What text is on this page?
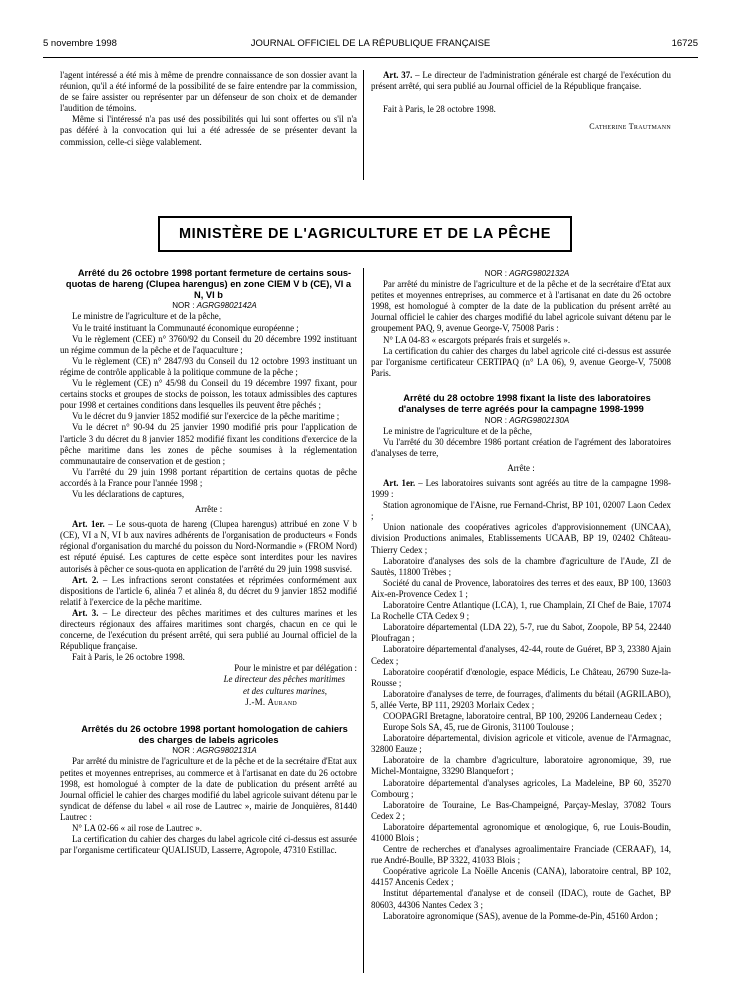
5 novembre 1998	JOURNAL OFFICIEL DE LA RÉPUBLIQUE FRANÇAISE	16725

l'agent intéressé a été mis à même de prendre connaissance de son dossier avant la réunion, qu'il a été informé de la possibilité de se faire entendre par la commission, de se faire assister ou représenter par un défenseur de son choix et de demander l'audition de témoins.

Même si l'intéressé n'a pas usé des possibilités qui lui sont offertes ou s'il n'a pas déféré à la convocation qui lui a été adressée de se présenter devant la commission, celle-ci siège valablement.

Art. 37. – Le directeur de l'administration générale est chargé de l'exécution du présent arrêté, qui sera publié au Journal officiel de la République française.

Fait à Paris, le 28 octobre 1998.

Catherine Trautmann

MINISTÈRE DE L'AGRICULTURE ET DE LA PÊCHE

Arrêté du 26 octobre 1998 portant fermeture de certains sous-quotas de hareng (Clupea harengus) en zone CIEM V b (CE), VI a N, VI b

NOR : AGRG9802142A

Le ministre de l'agriculture et de la pêche,

Vu le traité instituant la Communauté économique européenne ;

Vu le règlement (CEE) n° 3760/92 du Conseil du 20 décembre 1992 instituant un régime commun de la pêche et de l'aquaculture ;

Vu le règlement (CE) n° 2847/93 du Conseil du 12 octobre 1993 instituant un régime de contrôle applicable à la politique commune de la pêche ;

Vu le règlement (CE) n° 45/98 du Conseil du 19 décembre 1997 fixant, pour certains stocks et groupes de stocks de poisson, les totaux admissibles des captures pour 1998 et certaines conditions dans lesquelles ils peuvent être pêchés ;

Vu le décret du 9 janvier 1852 modifié sur l'exercice de la pêche maritime ;

Vu le décret n° 90-94 du 25 janvier 1990 modifié pris pour l'application de l'article 3 du décret du 8 janvier 1852 modifié fixant les conditions d'exercice de la pêche maritime dans les zones de pêche soumises à la réglementation communautaire de conservation et de gestion ;

Vu l'arrêté du 29 juin 1998 portant répartition de certains quotas de pêche accordés à la France pour l'année 1998 ;

Vu les déclarations de captures,

Arrête :

Art. 1er. – Le sous-quota de hareng (Clupea harengus) attribué en zone V b (CE), VI a N, VI b aux navires adhérents de l'organisation de producteurs « Fonds régional d'organisation du marché du poisson du Nord-Normandie » (FROM Nord) est réputé épuisé. Les captures de cette espèce sont interdites pour les navires autorisés à pêcher ce sous-quota en application de l'arrêté du 29 juin 1998 susvisé.

Art. 2. – Les infractions seront constatées et réprimées conformément aux dispositions de l'article 6, alinéa 7 et alinéa 8, du décret du 9 janvier 1852 modifié relatif à l'exercice de la pêche maritime.

Art. 3. – Le directeur des pêches maritimes et des cultures marines et les directeurs régionaux des affaires maritimes sont chargés, chacun en ce qui le concerne, de l'exécution du présent arrêté, qui sera publié au Journal officiel de la République française.

Fait à Paris, le 26 octobre 1998.

Pour le ministre et par délégation :

Le directeur des pêches maritimes

et des cultures marines,

J.-M. Aurand

Arrêtés du 26 octobre 1998 portant homologation de cahiers des charges de labels agricoles

NOR : AGRG9802131A

Par arrêté du ministre de l'agriculture et de la pêche et de la secrétaire d'Etat aux petites et moyennes entreprises, au commerce et à l'artisanat en date du 26 octobre 1998, est homologué à compter de la date de publication du présent arrêté au Journal officiel le cahier des charges modifié du label agricole suivant détenu par le syndicat de défense du label « ail rose de Lautrec », mairie de Jonquières, 81440 Lautrec :

N° LA 02-66 « ail rose de Lautrec ».

La certification du cahier des charges du label agricole cité ci-dessus est assurée par l'organisme certificateur QUALISUD, Lasserre, Agropole, 47310 Estillac.

NOR : AGRG9802132A

Par arrêté du ministre de l'agriculture et de la pêche et de la secrétaire d'Etat aux petites et moyennes entreprises, au commerce et à l'artisanat en date du 26 octobre 1998, est homologué à compter de la date de la publication du présent arrêté au Journal officiel le cahier des charges modifié du label agricole suivant détenu par le groupement PAQ, 9, avenue George-V, 75008 Paris :

N° LA 04-83 « escargots préparés frais et surgelés ».

La certification du cahier des charges du label agricole cité ci-dessus est assurée par l'organisme certificateur CERTIPAQ (n° LA 06), 9, avenue George-V, 75008 Paris.

Arrêté du 28 octobre 1998 fixant la liste des laboratoires d'analyses de terre agréés pour la campagne 1998-1999

NOR : AGRG9802130A

Le ministre de l'agriculture et de la pêche,

Vu l'arrêté du 30 décembre 1986 portant création de l'agrément des laboratoires d'analyses de terre,

Arrête :

Art. 1er. – Les laboratoires suivants sont agréés au titre de la campagne 1998-1999 :

Station agronomique de l'Aisne, rue Fernand-Christ, BP 101, 02007 Laon Cedex ;

Union nationale des coopératives agricoles d'approvisionnement (UNCAA), division Productions animales, Etablissements UCAAB, BP 19, 02402 Château-Thierry Cedex ;

Laboratoire d'analyses des sols de la chambre d'agriculture de l'Aude, ZI de Sautès, 11800 Trèbes ;

Société du canal de Provence, laboratoires des terres et des eaux, BP 100, 13603 Aix-en-Provence Cedex 1 ;

Laboratoire Centre Atlantique (LCA), 1, rue Champlain, ZI Chef de Baie, 17074 La Rochelle CTA Cedex 9 ;

Laboratoire départemental (LDA 22), 5-7, rue du Sabot, Zoopole, BP 54, 22440 Ploufragan ;

Laboratoire départemental d'analyses, 42-44, route de Guéret, BP 3, 23380 Ajain Cedex ;

Laboratoire coopératif d'œnologie, espace Médicis, Le Château, 26790 Suze-la-Rousse ;

Laboratoire d'analyses de terre, de fourrages, d'aliments du bétail (AGRILABO), 5, allée Verte, BP 111, 29203 Morlaix Cedex ;

COOPAGRI Bretagne, laboratoire central, BP 100, 29206 Landerneau Cedex ;

Europe Sols SA, 45, rue de Gironis, 31100 Toulouse ;

Laboratoire départemental, division agricole et viticole, avenue de l'Armagnac, 32800 Eauze ;

Laboratoire de la chambre d'agriculture, laboratoire agronomique, 39, rue Michel-Montaigne, 33290 Blanquefort ;

Laboratoire départemental d'analyses agricoles, La Madeleine, BP 60, 35270 Combourg ;

Laboratoire de Touraine, Le Bas-Champeigné, Parçay-Meslay, 37082 Tours Cedex 2 ;

Laboratoire départemental agronomique et œnologique, 6, rue Louis-Boudin, 41000 Blois ;

Centre de recherches et d'analyses agroalimentaire Franciade (CERAAF), 14, rue André-Boulle, BP 3322, 41033 Blois ;

Coopérative agricole La Noëlle Ancenis (CANA), laboratoire central, BP 102, 44157 Ancenis Cedex ;

Institut départemental d'analyse et de conseil (IDAC), route de Gachet, BP 80603, 44306 Nantes Cedex 3 ;

Laboratoire agronomique (SAS), avenue de la Pomme-de-Pin, 45160 Ardon ;
